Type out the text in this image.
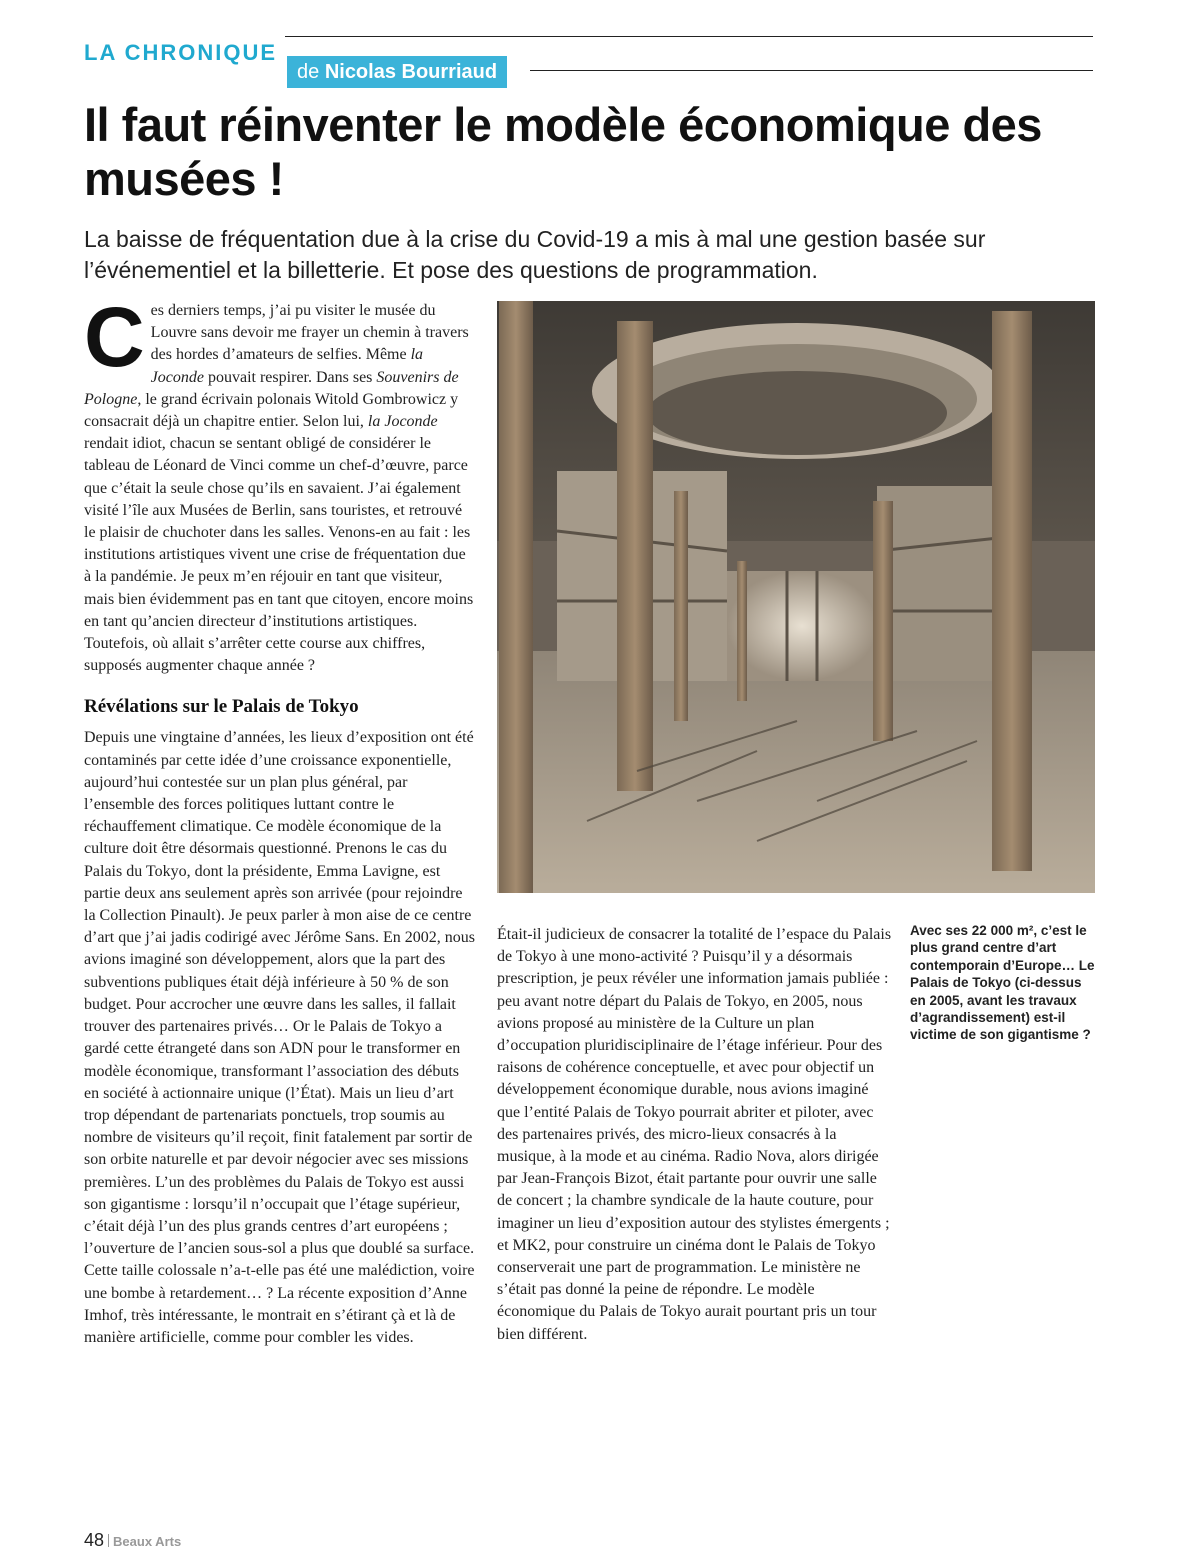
LA CHRONIQUE
de Nicolas Bourriaud
Il faut réinventer le modèle économique des musées !

La baisse de fréquentation due à la crise du Covid-19 a mis à mal une gestion basée sur l’événementiel et la billetterie. Et pose des questions de programmation.

Ces derniers temps, j’ai pu visiter le musée du Louvre sans devoir me frayer un chemin à travers des hordes d’amateurs de selfies. Même la Joconde pouvait respirer. Dans ses Souvenirs de Pologne, le grand écrivain polonais Witold Gombrowicz y consacrait déjà un chapitre entier. Selon lui, la Joconde rendait idiot, chacun se sentant obligé de considérer le tableau de Léonard de Vinci comme un chef-d’œuvre, parce que c’était la seule chose qu’ils en savaient. J’ai également visité l’île aux Musées de Berlin, sans touristes, et retrouvé le plaisir de chuchoter dans les salles. Venons-en au fait : les institutions artistiques vivent une crise de fréquentation due à la pandémie. Je peux m’en réjouir en tant que visiteur, mais bien évidemment pas en tant que citoyen, encore moins en tant qu’ancien directeur d’institutions artistiques. Toutefois, où allait s’arrêter cette course aux chiffres, supposés augmenter chaque année ?

Révélations sur le Palais de Tokyo

Depuis une vingtaine d’années, les lieux d’exposition ont été contaminés par cette idée d’une croissance exponentielle, aujourd’hui contestée sur un plan plus général, par l’ensemble des forces politiques luttant contre le réchauffement climatique. Ce modèle économique de la culture doit être désormais questionné. Prenons le cas du Palais du Tokyo, dont la présidente, Emma Lavigne, est partie deux ans seulement après son arrivée (pour rejoindre la Collection Pinault). Je peux parler à mon aise de ce centre d’art que j’ai jadis codirigé avec Jérôme Sans. En 2002, nous avions imaginé son développement, alors que la part des subventions publiques était déjà inférieure à 50 % de son budget. Pour accrocher une œuvre dans les salles, il fallait trouver des partenaires privés… Or le Palais de Tokyo a gardé cette étrangeté dans son ADN pour le transformer en modèle économique, transformant l’association des débuts en société à actionnaire unique (l’État). Mais un lieu d’art trop dépendant de partenariats ponctuels, trop soumis au nombre de visiteurs qu’il reçoit, finit fatalement par sortir de son orbite naturelle et par devoir négocier avec ses missions premières. L’un des problèmes du Palais de Tokyo est aussi son gigantisme : lorsqu’il n’occupait que l’étage supérieur, c’était déjà l’un des plus grands centres d’art européens ; l’ouverture de l’ancien sous-sol a plus que doublé sa surface. Cette taille colossale n’a-t-elle pas été une malédiction, voire une bombe à retardement… ? La récente exposition d’Anne Imhof, très intéressante, le montrait en s’étirant çà et là de manière artificielle, comme pour combler les vides.

Était-il judicieux de consacrer la totalité de l’espace du Palais de Tokyo à une mono-activité ? Puisqu’il y a désormais prescription, je peux révéler une information jamais publiée : peu avant notre départ du Palais de Tokyo, en 2005, nous avions proposé au ministère de la Culture un plan d’occupation pluridisciplinaire de l’étage inférieur. Pour des raisons de cohérence conceptuelle, et avec pour objectif un développement économique durable, nous avions imaginé que l’entité Palais de Tokyo pourrait abriter et piloter, avec des partenaires privés, des micro-lieux consacrés à la musique, à la mode et au cinéma. Radio Nova, alors dirigée par Jean-François Bizot, était partante pour ouvrir une salle de concert ; la chambre syndicale de la haute couture, pour imaginer un lieu d’exposition autour des stylistes émergents ; et MK2, pour construire un cinéma dont le Palais de Tokyo conserverait une part de programmation. Le ministère ne s’était pas donné la peine de répondre. Le modèle économique du Palais de Tokyo aurait pourtant pris un tour bien différent.

Avec ses 22 000 m², c’est le plus grand centre d’art contemporain d’Europe… Le Palais de Tokyo (ci-dessus en 2005, avant les travaux d’agrandissement) est-il victime de son gigantisme ?

48 Beaux Arts
